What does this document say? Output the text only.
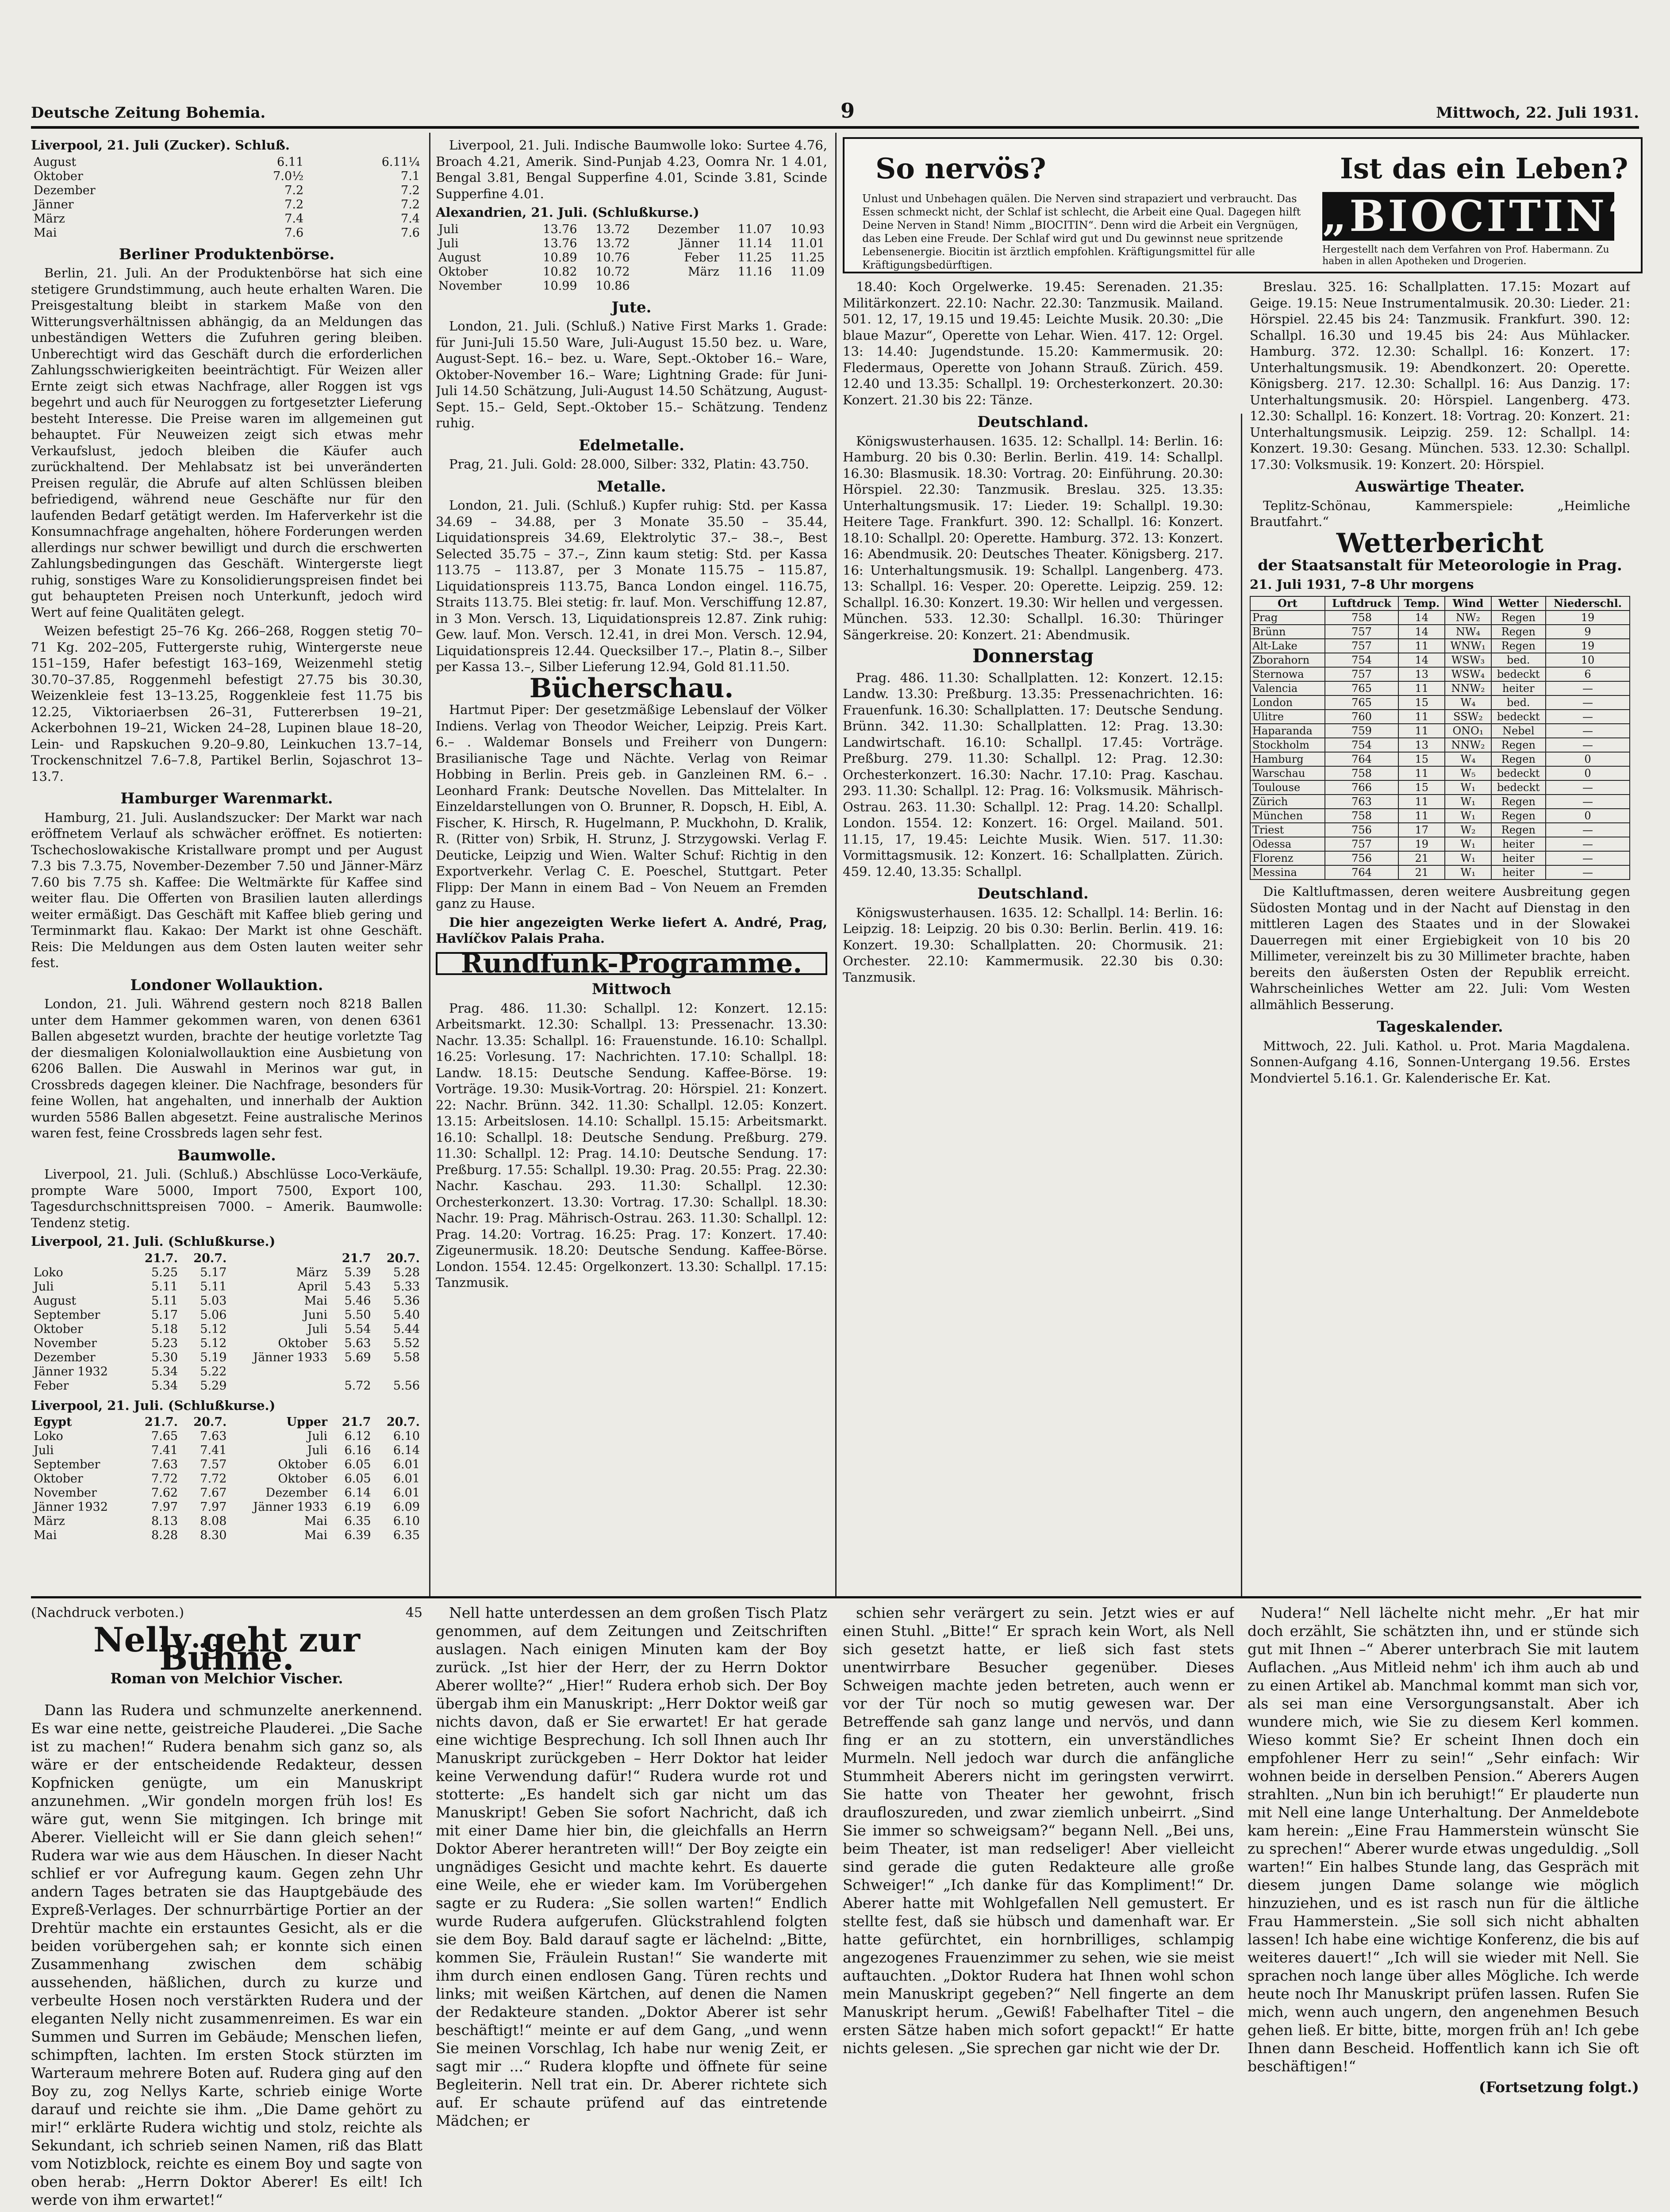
Deutsche Zeitung Bohemia.	9	Mittwoch, 22. Juli 1931.
Liverpool, 21. Juli (Zucker). Schluß.
August	6.11	6.11¼
Oktober	7.0½	7.1
Dezember	7.2	7.2
Jänner	7.2	7.2
März	7.4	7.4
Mai	7.6	7.6
Berliner Produktenbörse.

Berlin, 21. Juli. An der Produktenbörse hat sich eine stetigere Grundstimmung, auch heute erhalten Waren. Die Preisgestaltung bleibt in starkem Maße von den Witterungsverhältnissen abhängig, da an Meldungen das unbeständigen Wetters die Zufuhren gering bleiben. Unberechtigt wird das Geschäft durch die erforderlichen Zahlungsschwierigkeiten beeinträchtigt. Für Weizen aller Ernte zeigt sich etwas Nachfrage, aller Roggen ist vgs begehrt und auch für Neuroggen zu fortgesetzter Lieferung besteht Interesse. Die Preise waren im allgemeinen gut behauptet. Für Neuweizen zeigt sich etwas mehr Verkaufslust, jedoch bleiben die Käufer auch zurückhaltend. Der Mehlabsatz ist bei unveränderten Preisen regulär, die Abrufe auf alten Schlüssen bleiben befriedigend, während neue Geschäfte nur für den laufenden Bedarf getätigt werden. Im Haferverkehr ist die Konsumnachfrage angehalten, höhere Forderungen werden allerdings nur schwer bewilligt und durch die erschwerten Zahlungsbedingungen das Geschäft. Wintergerste liegt ruhig, sonstiges Ware zu Konsolidierungspreisen findet bei gut behaupteten Preisen noch Unterkunft, jedoch wird Wert auf feine Qualitäten gelegt.

Weizen befestigt 25–76 Kg. 266–268, Roggen stetig 70–71 Kg. 202–205, Futtergerste ruhig, Wintergerste neue 151–159, Hafer befestigt 163–169, Weizenmehl stetig 30.70–37.85, Roggenmehl befestigt 27.75 bis 30.30, Weizenkleie fest 13–13.25, Roggenkleie fest 11.75 bis 12.25, Viktoriaerbsen 26–31, Futtererbsen 19–21, Ackerbohnen 19–21, Wicken 24–28, Lupinen blaue 18–20, Lein- und Rapskuchen 9.20–9.80, Leinkuchen 13.7–14, Trockenschnitzel 7.6–7.8, Partikel Berlin, Sojaschrot 13–13.7.

Hamburger Warenmarkt.

Hamburg, 21. Juli. Auslandszucker: Der Markt war nach eröffnetem Verlauf als schwächer eröffnet. Es notierten: Tschechoslowakische Kristallware prompt und per August 7.3 bis 7.3.75, November-Dezember 7.50 und Jänner-März 7.60 bis 7.75 sh. Kaffee: Die Weltmärkte für Kaffee sind weiter flau. Die Offerten von Brasilien lauten allerdings weiter ermäßigt. Das Geschäft mit Kaffee blieb gering und Terminmarkt flau. Kakao: Der Markt ist ohne Geschäft. Reis: Die Meldungen aus dem Osten lauten weiter sehr fest.

Londoner Wollauktion.

London, 21. Juli. Während gestern noch 8218 Ballen unter dem Hammer gekommen waren, von denen 6361 Ballen abgesetzt wurden, brachte der heutige vorletzte Tag der diesmaligen Kolonialwollauktion eine Ausbietung von 6206 Ballen. Die Auswahl in Merinos war gut, in Crossbreds dagegen kleiner. Die Nachfrage, besonders für feine Wollen, hat angehalten, und innerhalb der Auktion wurden 5586 Ballen abgesetzt. Feine australische Merinos waren fest, feine Crossbreds lagen sehr fest.

Baumwolle.

Liverpool, 21. Juli. (Schluß.) Abschlüsse Loco-Verkäufe, prompte Ware 5000, Import 7500, Export 100, Tagesdurchschnittspreisen 7000. – Amerik. Baumwolle: Tendenz stetig.

Liverpool, 21. Juli. (Schlußkurse.)
	21.7.	20.7.		21.7	20.7.
Loko	5.25	5.17	März	5.39	5.28
Juli	5.11	5.11	April	5.43	5.33
August	5.11	5.03	Mai	5.46	5.36
September	5.17	5.06	Juni	5.50	5.40
Oktober	5.18	5.12	Juli	5.54	5.44
November	5.23	5.12	Oktober	5.63	5.52
Dezember	5.30	5.19	Jänner 1933	5.69	5.58
Jänner 1932	5.34	5.22			
Feber	5.34	5.29		5.72	5.56
Liverpool, 21. Juli. (Schlußkurse.)
Egypt	21.7.	20.7.	Upper	21.7	20.7.
Loko	7.65	7.63	Juli	6.12	6.10
Juli	7.41	7.41	Juli	6.16	6.14
September	7.63	7.57	Oktober	6.05	6.01
Oktober	7.72	7.72	Oktober	6.05	6.01
November	7.62	7.67	Dezember	6.14	6.01
Jänner 1932	7.97	7.97	Jänner 1933	6.19	6.09
März	8.13	8.08	Mai	6.35	6.10
Mai	8.28	8.30	Mai	6.39	6.35

Liverpool, 21. Juli. Indische Baumwolle loko: Surtee 4.76, Broach 4.21, Amerik. Sind-Punjab 4.23, Oomra Nr. 1 4.01, Bengal 3.81, Bengal Supperfine 4.01, Scinde 3.81, Scinde Supperfine 4.01.

Alexandrien, 21. Juli. (Schlußkurse.)
Juli	13.76	13.72	Dezember	11.07	10.93
Juli	13.76	13.72	Jänner	11.14	11.01
August	10.89	10.76	Feber	11.25	11.25
Oktober	10.82	10.72	März	11.16	11.09
November	10.99	10.86			
Jute.

London, 21. Juli. (Schluß.) Native First Marks 1. Grade: für Juni-Juli 15.50 Ware, Juli-August 15.50 bez. u. Ware, August-Sept. 16.– bez. u. Ware, Sept.-Oktober 16.– Ware, Oktober-November 16.– Ware; Lightning Grade: für Juni-Juli 14.50 Schätzung, Juli-August 14.50 Schätzung, August-Sept. 15.– Geld, Sept.-Oktober 15.– Schätzung. Tendenz ruhig.

Edelmetalle.

Prag, 21. Juli. Gold: 28.000, Silber: 332, Platin: 43.750.

Metalle.

London, 21. Juli. (Schluß.) Kupfer ruhig: Std. per Kassa 34.69 – 34.88, per 3 Monate 35.50 – 35.44, Liquidationspreis 34.69, Elektrolytic 37.– 38.–, Best Selected 35.75 – 37.–, Zinn kaum stetig: Std. per Kassa 113.75 – 113.87, per 3 Monate 115.75 – 115.87, Liquidationspreis 113.75, Banca London eingel. 116.75, Straits 113.75. Blei stetig: fr. lauf. Mon. Verschiffung 12.87, in 3 Mon. Versch. 13, Liquidationspreis 12.87. Zink ruhig: Gew. lauf. Mon. Versch. 12.41, in drei Mon. Versch. 12.94, Liquidationspreis 12.44. Quecksilber 17.–, Platin 8.–, Silber per Kassa 13.–, Silber Lieferung 12.94, Gold 81.11.50.

Bücherschau.

Hartmut Piper: Der gesetzmäßige Lebenslauf der Völker Indiens. Verlag von Theodor Weicher, Leipzig. Preis Kart. 6.– . Waldemar Bonsels und Freiherr von Dungern: Brasilianische Tage und Nächte. Verlag von Reimar Hobbing in Berlin. Preis geb. in Ganzleinen RM. 6.– . Leonhard Frank: Deutsche Novellen. Das Mittelalter. In Einzeldarstellungen von O. Brunner, R. Dopsch, H. Eibl, A. Fischer, K. Hirsch, R. Hugelmann, P. Muckhohn, D. Kralik, R. (Ritter von) Srbik, H. Strunz, J. Strzygowski. Verlag F. Deuticke, Leipzig und Wien. Walter Schuf: Richtig in den Exportverkehr. Verlag C. E. Poeschel, Stuttgart. Peter Flipp: Der Mann in einem Bad – Von Neuem an Fremden ganz zu Hause.

Die hier angezeigten Werke liefert A. André, Prag, Havlíčkov Palais Praha.

Rundfunk-Programme.
Mittwoch

Prag. 486. 11.30: Schallpl. 12: Konzert. 12.15: Arbeitsmarkt. 12.30: Schallpl. 13: Pressenachr. 13.30: Nachr. 13.35: Schallpl. 16: Frauenstunde. 16.10: Schallpl. 16.25: Vorlesung. 17: Nachrichten. 17.10: Schallpl. 18: Landw. 18.15: Deutsche Sendung. Kaffee-Börse. 19: Vorträge. 19.30: Musik-Vortrag. 20: Hörspiel. 21: Konzert. 22: Nachr. Brünn. 342. 11.30: Schallpl. 12.05: Konzert. 13.15: Arbeitslosen. 14.10: Schallpl. 15.15: Arbeitsmarkt. 16.10: Schallpl. 18: Deutsche Sendung. Preßburg. 279. 11.30: Schallpl. 12: Prag. 14.10: Deutsche Sendung. 17: Preßburg. 17.55: Schallpl. 19.30: Prag. 20.55: Prag. 22.30: Nachr. Kaschau. 293. 11.30: Schallpl. 12.30: Orchesterkonzert. 13.30: Vortrag. 17.30: Schallpl. 18.30: Nachr. 19: Prag. Mährisch-Ostrau. 263. 11.30: Schallpl. 12: Prag. 14.20: Vortrag. 16.25: Prag. 17: Konzert. 17.40: Zigeunermusik. 18.20: Deutsche Sendung. Kaffee-Börse. London. 1554. 12.45: Orgelkonzert. 13.30: Schallpl. 17.15: Tanzmusik.

So nervös?	Ist das ein Leben?
Unlust und Unbehagen quälen. Die Nerven sind strapaziert und verbraucht. Das Essen schmeckt nicht, der Schlaf ist schlecht, die Arbeit eine Qual. Dagegen hilft Deine Nerven in Stand! Nimm „BIOCITIN“. Denn wird die Arbeit ein Vergnügen, das Leben eine Freude. Der Schlaf wird gut und Du gewinnst neue spritzende Lebensenergie. Biocitin ist ärztlich empfohlen. Kräftigungsmittel für alle Kräftigungsbedürftigen.
„BIOCITIN“
Hergestellt nach dem Verfahren von Prof. Habermann. Zu haben in allen Apotheken und Drogerien.

18.40: Koch Orgelwerke. 19.45: Serenaden. 21.35: Militärkonzert. 22.10: Nachr. 22.30: Tanzmusik. Mailand. 501. 12, 17, 19.15 und 19.45: Leichte Musik. 20.30: „Die blaue Mazur“, Operette von Lehar. Wien. 417. 12: Orgel. 13: 14.40: Jugendstunde. 15.20: Kammermusik. 20: Fledermaus, Operette von Johann Strauß. Zürich. 459. 12.40 und 13.35: Schallpl. 19: Orchesterkonzert. 20.30: Konzert. 21.30 bis 22: Tänze.

Deutschland.

Königswusterhausen. 1635. 12: Schallpl. 14: Berlin. 16: Hamburg. 20 bis 0.30: Berlin. Berlin. 419. 14: Schallpl. 16.30: Blasmusik. 18.30: Vortrag. 20: Einführung. 20.30: Hörspiel. 22.30: Tanzmusik. Breslau. 325. 13.35: Unterhaltungsmusik. 17: Lieder. 19: Schallpl. 19.30: Heitere Tage. Frankfurt. 390. 12: Schallpl. 16: Konzert. 18.10: Schallpl. 20: Operette. Hamburg. 372. 13: Konzert. 16: Abendmusik. 20: Deutsches Theater. Königsberg. 217. 16: Unterhaltungsmusik. 19: Schallpl. Langenberg. 473. 13: Schallpl. 16: Vesper. 20: Operette. Leipzig. 259. 12: Schallpl. 16.30: Konzert. 19.30: Wir hellen und vergessen. München. 533. 12.30: Schallpl. 16.30: Thüringer Sängerkreise. 20: Konzert. 21: Abendmusik.

Donnerstag

Prag. 486. 11.30: Schallplatten. 12: Konzert. 12.15: Landw. 13.30: Preßburg. 13.35: Pressenachrichten. 16: Frauenfunk. 16.30: Schallplatten. 17: Deutsche Sendung. Brünn. 342. 11.30: Schallplatten. 12: Prag. 13.30: Landwirtschaft. 16.10: Schallpl. 17.45: Vorträge. Preßburg. 279. 11.30: Schallpl. 12: Prag. 12.30: Orchesterkonzert. 16.30: Nachr. 17.10: Prag. Kaschau. 293. 11.30: Schallpl. 12: Prag. 16: Volksmusik. Mährisch-Ostrau. 263. 11.30: Schallpl. 12: Prag. 14.20: Schallpl. London. 1554. 12: Konzert. 16: Orgel. Mailand. 501. 11.15, 17, 19.45: Leichte Musik. Wien. 517. 11.30: Vormittagsmusik. 12: Konzert. 16: Schallplatten. Zürich. 459. 12.40, 13.35: Schallpl.

Deutschland.

Königswusterhausen. 1635. 12: Schallpl. 14: Berlin. 16: Leipzig. 18: Leipzig. 20 bis 0.30: Berlin. Berlin. 419. 16: Konzert. 19.30: Schallplatten. 20: Chormusik. 21: Orchester. 22.10: Kammermusik. 22.30 bis 0.30: Tanzmusik.

Breslau. 325. 16: Schallplatten. 17.15: Mozart auf Geige. 19.15: Neue Instrumentalmusik. 20.30: Lieder. 21: Hörspiel. 22.45 bis 24: Tanzmusik. Frankfurt. 390. 12: Schallpl. 16.30 und 19.45 bis 24: Aus Mühlacker. Hamburg. 372. 12.30: Schallpl. 16: Konzert. 17: Unterhaltungsmusik. 19: Abendkonzert. 20: Operette. Königsberg. 217. 12.30: Schallpl. 16: Aus Danzig. 17: Unterhaltungsmusik. 20: Hörspiel. Langenberg. 473. 12.30: Schallpl. 16: Konzert. 18: Vortrag. 20: Konzert. 21: Unterhaltungsmusik. Leipzig. 259. 12: Schallpl. 14: Konzert. 19.30: Gesang. München. 533. 12.30: Schallpl. 17.30: Volksmusik. 19: Konzert. 20: Hörspiel.

Auswärtige Theater.

Teplitz-Schönau, Kammerspiele: „Heimliche Brautfahrt.“

Wetterbericht
der Staatsanstalt für Meteorologie in Prag.
21. Juli 1931, 7–8 Uhr morgens
Ort	Luftdruck	Temp.	Wind	Wetter	Niederschl.
Prag	758	14	NW₂	Regen	19
Brünn	757	14	NW₄	Regen	9
Alt-Lake	757	11	WNW₁	Regen	19
Zborahorn	754	14	WSW₃	bed.	10
Sternowa	757	13	WSW₄	bedeckt	6
Valencia	765	11	NNW₂	heiter	—
London	765	15	W₄	bed.	—
Ulitre	760	11	SSW₂	bedeckt	—
Haparanda	759	11	ONO₁	Nebel	—
Stockholm	754	13	NNW₂	Regen	—
Hamburg	764	15	W₄	Regen	0
Warschau	758	11	W₅	bedeckt	0
Toulouse	766	15	W₁	bedeckt	—
Zürich	763	11	W₁	Regen	—
München	758	11	W₁	Regen	0
Triest	756	17	W₂	Regen	—
Odessa	757	19	W₁	heiter	—
Florenz	756	21	W₁	heiter	—
Messina	764	21	W₁	heiter	—

Die Kaltluftmassen, deren weitere Ausbreitung gegen Südosten Montag und in der Nacht auf Dienstag in den mittleren Lagen des Staates und in der Slowakei Dauerregen mit einer Ergiebigkeit von 10 bis 20 Millimeter, vereinzelt bis zu 30 Millimeter brachte, haben bereits den äußersten Osten der Republik erreicht. Wahrscheinliches Wetter am 22. Juli: Vom Westen allmählich Besserung.

Tageskalender.

Mittwoch, 22. Juli. Kathol. u. Prot. Maria Magdalena. Sonnen-Aufgang 4.16, Sonnen-Untergang 19.56. Erstes Mondviertel 5.16.1. Gr. Kalenderische Er. Kat.

(Nachdruck verboten.)	45
Nelly geht zur Bühne.
Roman von Melchior Vischer.

Dann las Rudera und schmunzelte anerkennend. Es war eine nette, geistreiche Plauderei. „Die Sache ist zu machen!“ Rudera benahm sich ganz so, als wäre er der entscheidende Redakteur, dessen Kopfnicken genügte, um ein Manuskript anzunehmen. „Wir gondeln morgen früh los! Es wäre gut, wenn Sie mitgingen. Ich bringe mit Aberer. Vielleicht will er Sie dann gleich sehen!“ Rudera war wie aus dem Häuschen. In dieser Nacht schlief er vor Aufregung kaum. Gegen zehn Uhr andern Tages betraten sie das Hauptgebäude des Expreß-Verlages. Der schnurrbärtige Portier an der Drehtür machte ein erstauntes Gesicht, als er die beiden vorübergehen sah; er konnte sich einen Zusammenhang zwischen dem schäbig aussehenden, häßlichen, durch zu kurze und verbeulte Hosen noch verstärkten Rudera und der eleganten Nelly nicht zusammenreimen. Es war ein Summen und Surren im Gebäude; Menschen liefen, schimpften, lachten. Im ersten Stock stürzten im Warteraum mehrere Boten auf. Rudera ging auf den Boy zu, zog Nellys Karte, schrieb einige Worte darauf und reichte sie ihm. „Die Dame gehört zu mir!“ erklärte Rudera wichtig und stolz, reichte als Sekundant, ich schrieb seinen Namen, riß das Blatt vom Notizblock, reichte es einem Boy und sagte von oben herab: „Herrn Doktor Aberer! Es eilt! Ich werde von ihm erwartet!“

Nell hatte unterdessen an dem großen Tisch Platz genommen, auf dem Zeitungen und Zeitschriften auslagen. Nach einigen Minuten kam der Boy zurück. „Ist hier der Herr, der zu Herrn Doktor Aberer wollte?“ „Hier!“ Rudera erhob sich. Der Boy übergab ihm ein Manuskript: „Herr Doktor weiß gar nichts davon, daß er Sie erwartet! Er hat gerade eine wichtige Besprechung. Ich soll Ihnen auch Ihr Manuskript zurückgeben – Herr Doktor hat leider keine Verwendung dafür!“ Rudera wurde rot und stotterte: „Es handelt sich gar nicht um das Manuskript! Geben Sie sofort Nachricht, daß ich mit einer Dame hier bin, die gleichfalls an Herrn Doktor Aberer herantreten will!“ Der Boy zeigte ein ungnädiges Gesicht und machte kehrt. Es dauerte eine Weile, ehe er wieder kam. Im Vorübergehen sagte er zu Rudera: „Sie sollen warten!“ Endlich wurde Rudera aufgerufen. Glückstrahlend folgten sie dem Boy. Bald darauf sagte er lächelnd: „Bitte, kommen Sie, Fräulein Rustan!“ Sie wanderte mit ihm durch einen endlosen Gang. Türen rechts und links; mit weißen Kärtchen, auf denen die Namen der Redakteure standen. „Doktor Aberer ist sehr beschäftigt!“ meinte er auf dem Gang, „und wenn Sie meinen Vorschlag, Ich habe nur wenig Zeit, er sagt mir ...“ Rudera klopfte und öffnete für seine Begleiterin. Nell trat ein. Dr. Aberer richtete sich auf. Er schaute prüfend auf das eintretende Mädchen; er

schien sehr verärgert zu sein. Jetzt wies er auf einen Stuhl. „Bitte!“ Er sprach kein Wort, als Nell sich gesetzt hatte, er ließ sich fast stets unentwirrbare Besucher gegenüber. Dieses Schweigen machte jeden betreten, auch wenn er vor der Tür noch so mutig gewesen war. Der Betreffende sah ganz lange und nervös, und dann fing er an zu stottern, ein unverständliches Murmeln. Nell jedoch war durch die anfängliche Stummheit Aberers nicht im geringsten verwirrt. Sie hatte von Theater her gewohnt, frisch draufloszureden, und zwar ziemlich unbeirrt. „Sind Sie immer so schweigsam?“ begann Nell. „Bei uns, beim Theater, ist man redseliger! Aber vielleicht sind gerade die guten Redakteure alle große Schweiger!“ „Ich danke für das Kompliment!“ Dr. Aberer hatte mit Wohlgefallen Nell gemustert. Er stellte fest, daß sie hübsch und damenhaft war. Er hatte gefürchtet, ein hornbrilliges, schlampig angezogenes Frauenzimmer zu sehen, wie sie meist auftauchten. „Doktor Rudera hat Ihnen wohl schon mein Manuskript gegeben?“ Nell fingerte an dem Manuskript herum. „Gewiß! Fabelhafter Titel – die ersten Sätze haben mich sofort gepackt!“ Er hatte nichts gelesen. „Sie sprechen gar nicht wie der Dr.

Nudera!“ Nell lächelte nicht mehr. „Er hat mir doch erzählt, Sie schätzten ihn, und er stünde sich gut mit Ihnen –“ Aberer unterbrach Sie mit lautem Auflachen. „Aus Mitleid nehm' ich ihm auch ab und zu einen Artikel ab. Manchmal kommt man sich vor, als sei man eine Versorgungsanstalt. Aber ich wundere mich, wie Sie zu diesem Kerl kommen. Wieso kommt Sie? Er scheint Ihnen doch ein empfohlener Herr zu sein!“ „Sehr einfach: Wir wohnen beide in derselben Pension.“ Aberers Augen strahlten. „Nun bin ich beruhigt!“ Er plauderte nun mit Nell eine lange Unterhaltung. Der Anmeldebote kam herein: „Eine Frau Hammerstein wünscht Sie zu sprechen!“ Aberer wurde etwas ungeduldig. „Soll warten!“ Ein halbes Stunde lang, das Gespräch mit diesem jungen Dame solange wie möglich hinzuziehen, und es ist rasch nun für die ältliche Frau Hammerstein. „Sie soll sich nicht abhalten lassen! Ich habe eine wichtige Konferenz, die bis auf weiteres dauert!“ „Ich will sie wieder mit Nell. Sie sprachen noch lange über alles Mögliche. Ich werde heute noch Ihr Manuskript prüfen lassen. Rufen Sie mich, wenn auch ungern, den angenehmen Besuch gehen ließ. Er bitte, bitte, morgen früh an! Ich gebe Ihnen dann Bescheid. Hoffentlich kann ich Sie oft beschäftigen!“

(Fortsetzung folgt.)
